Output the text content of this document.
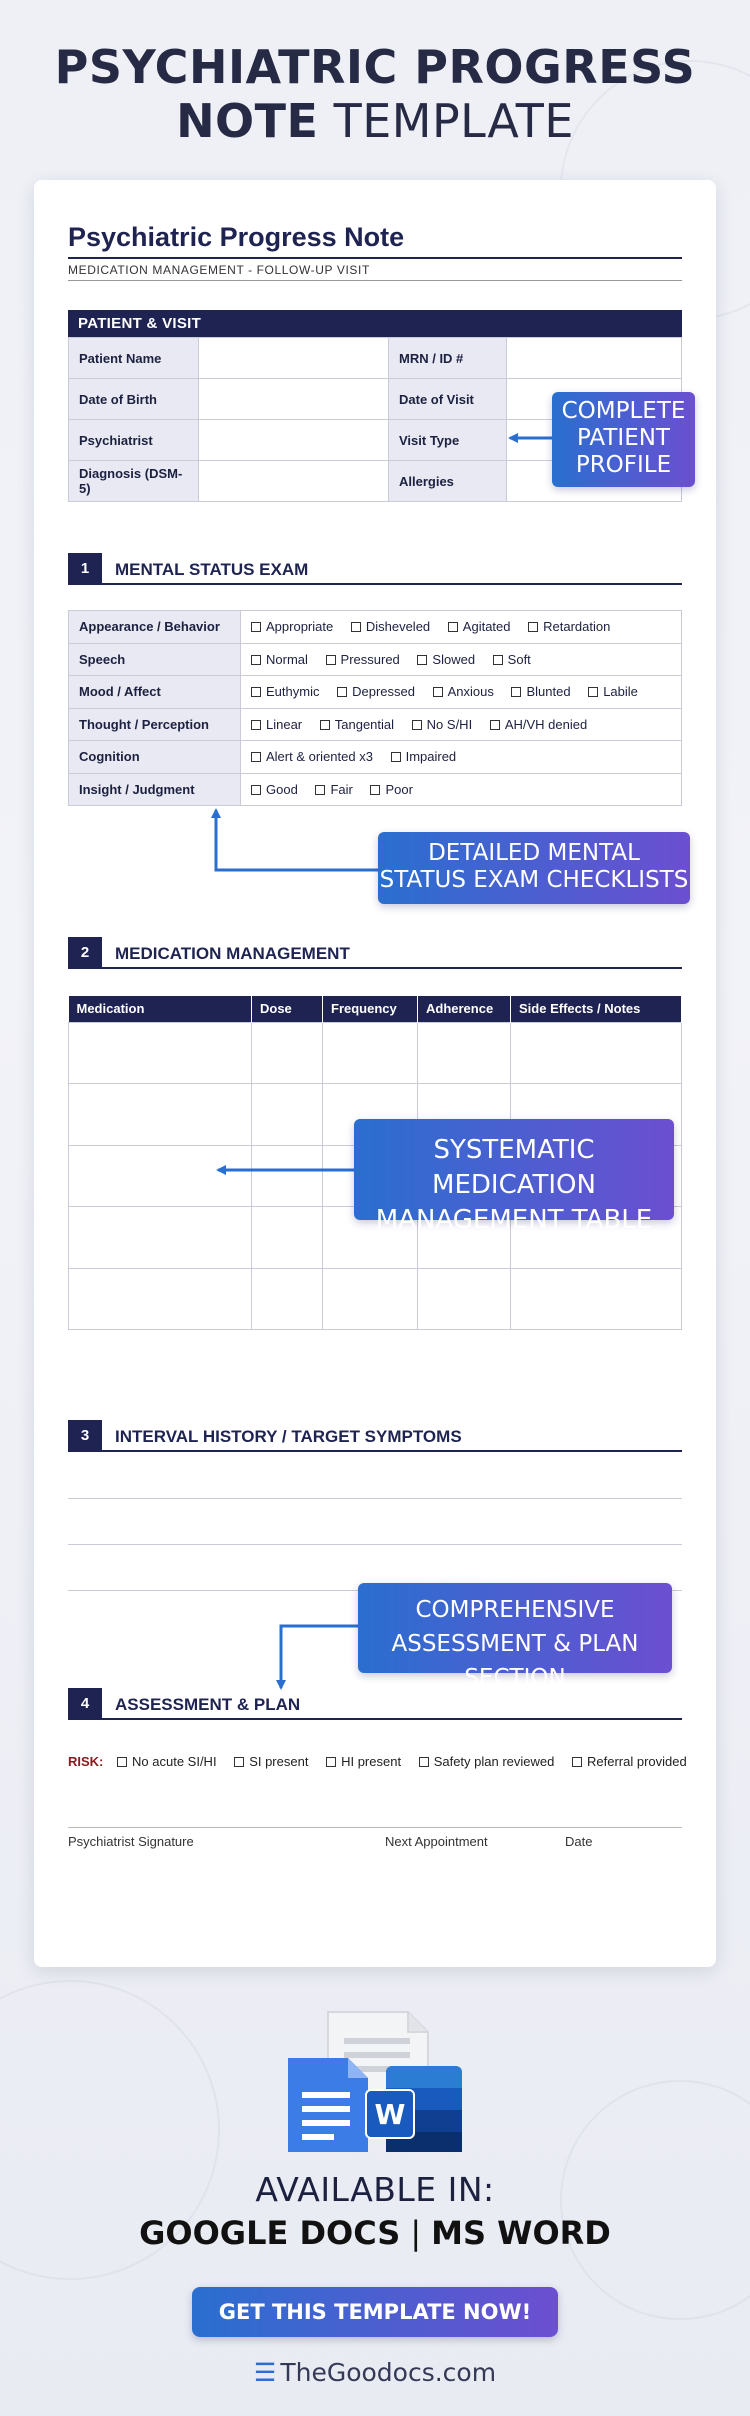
PSYCHIATRIC PROGRESS
NOTE TEMPLATE
Psychiatric Progress Note
MEDICATION MANAGEMENT - FOLLOW-UP VISIT
PATIENT & VISIT
Patient Name		MRN / ID #	
Date of Birth		Date of Visit	
Psychiatrist		Visit Type	
Diagnosis (DSM-5)		Allergies	
1	MENTAL STATUS EXAM
Appearance / Behavior	Appropriate Disheveled Agitated Retardation
Speech	Normal Pressured Slowed Soft
Mood / Affect	Euthymic Depressed Anxious Blunted Labile
Thought / Perception	Linear Tangential No S/HI AH/VH denied
Cognition	Alert & oriented x3 Impaired
Insight / Judgment	Good Fair Poor
2	MEDICATION MANAGEMENT
Medication	Dose	Frequency	Adherence	Side Effects / Notes

3	INTERVAL HISTORY / TARGET SYMPTOMS
4	ASSESSMENT & PLAN
RISK: No acute SI/HI	SI present	HI present	Safety plan reviewed	Referral provided
Psychiatrist Signature	Next Appointment	Date
COMPLETE
PATIENT
PROFILE
DETAILED MENTAL
STATUS EXAM CHECKLISTS
SYSTEMATIC MEDICATION
MANAGEMENT TABLE
COMPREHENSIVE
ASSESSMENT & PLAN SECTION
W
AVAILABLE IN:
GOOGLE DOCS | MS WORD
GET THIS TEMPLATE NOW!
☰ TheGoodocs.com
